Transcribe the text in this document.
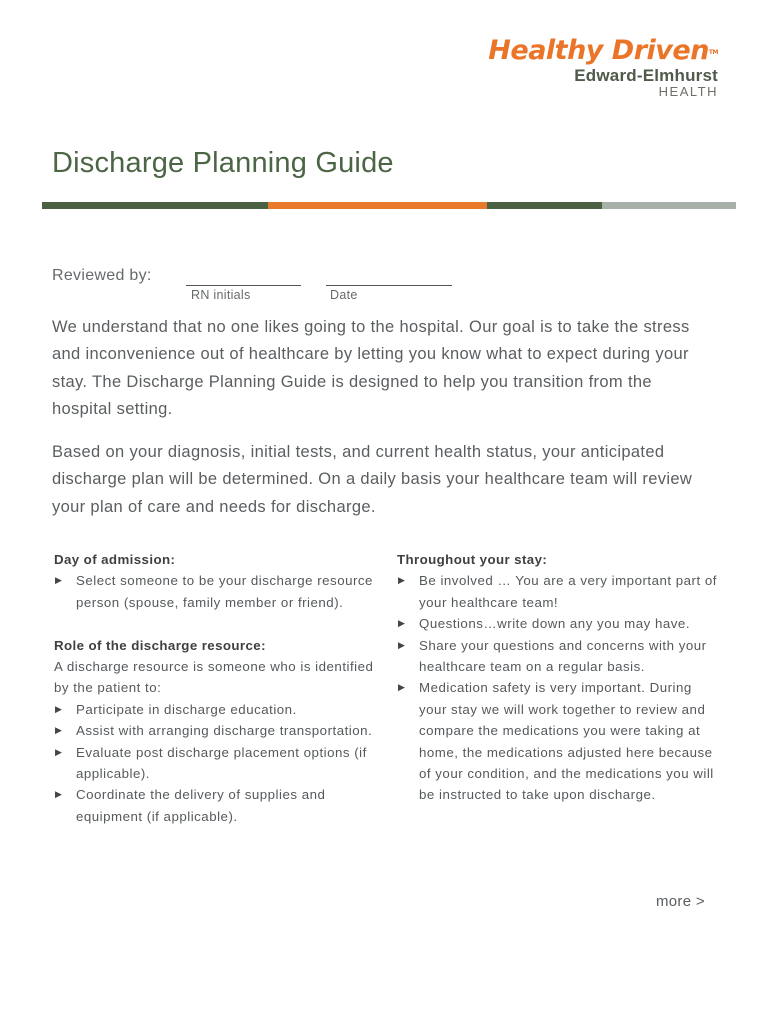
Healthy Driven™
Edward-Elmhurst
HEALTH
Discharge Planning Guide
Reviewed by:
RN initials	Date

We understand that no one likes going to the hospital. Our goal is to take the stress and inconvenience out of healthcare by letting you know what to expect during your stay. The Discharge Planning Guide is designed to help you transition from the hospital setting.

Based on your diagnosis, initial tests, and current health status, your anticipated discharge plan will be determined. On a daily basis your healthcare team will review your plan of care and needs for discharge.

Day of admission:
▶ Select someone to be your discharge resource person (spouse, family member or friend).
Role of the discharge resource:
A discharge resource is someone who is identified by the patient to:
▶ Participate in discharge education.
▶ Assist with arranging discharge transportation.
▶ Evaluate post discharge placement options (if applicable).
▶ Coordinate the delivery of supplies and equipment (if applicable).
Throughout your stay:
▶ Be involved … You are a very important part of your healthcare team!
▶ Questions…write down any you may have.
▶ Share your questions and concerns with your healthcare team on a regular basis.
▶ Medication safety is very important. During your stay we will work together to review and compare the medications you were taking at home, the medications adjusted here because of your condition, and the medications you will be instructed to take upon discharge.
more >
